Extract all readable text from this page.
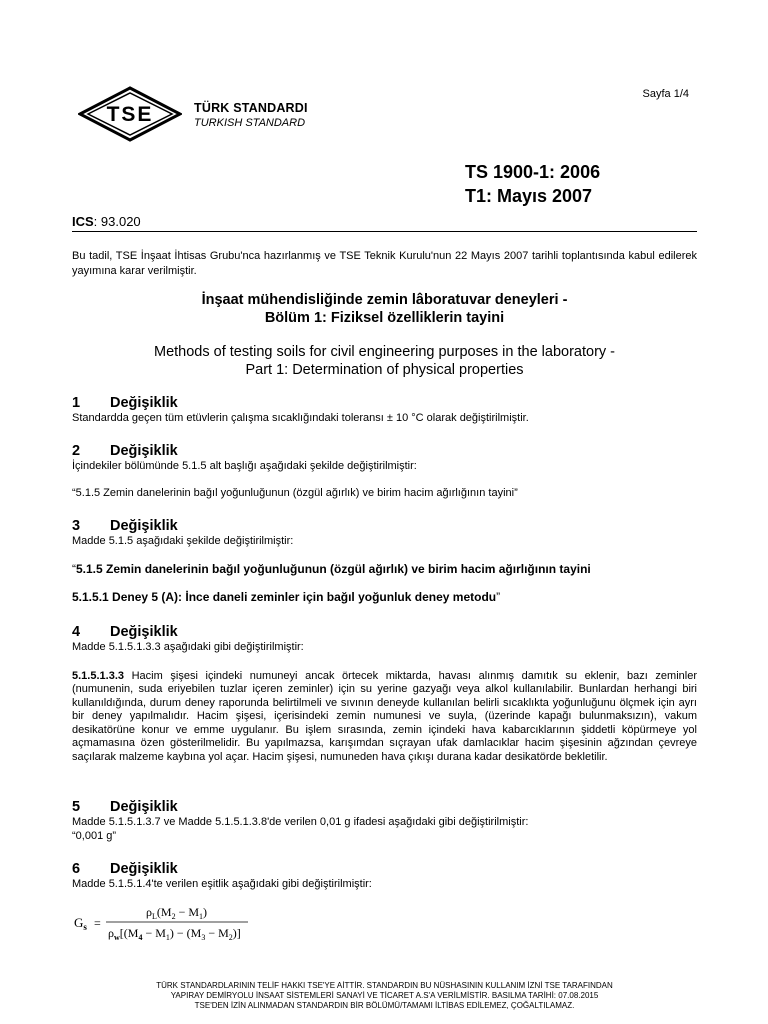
TSE	TÜRK STANDARDI
TURKISH STANDARD
Sayfa 1/4
TS 1900-1: 2006
T1: Mayıs 2007
ICS: 93.020
Bu tadil, TSE İnşaat İhtisas Grubu'nca hazırlanmış ve TSE Teknik Kurulu'nun 22 Mayıs 2007 tarihli toplantısında kabul edilerek yayımına karar verilmiştir.
İnşaat mühendisliğinde zemin lâboratuvar deneyleri -
Bölüm 1: Fiziksel özelliklerin tayini
Methods of testing soils for civil engineering purposes in the laboratory -
Part 1: Determination of physical properties
1 Değişiklik
Standardda geçen tüm etüvlerin çalışma sıcaklığındaki toleransı ± 10 °C olarak değiştirilmiştir.
2 Değişiklik
İçindekiler bölümünde 5.1.5 alt başlığı aşağıdaki şekilde değiştirilmiştir:
“5.1.5 Zemin danelerinin bağıl yoğunluğunun (özgül ağırlık) ve birim hacim ağırlığının tayini”
3 Değişiklik
Madde 5.1.5 aşağıdaki şekilde değiştirilmiştir:
“5.1.5 Zemin danelerinin bağıl yoğunluğunun (özgül ağırlık) ve birim hacim ağırlığının tayini
5.1.5.1 Deney 5 (A): İnce daneli zeminler için bağıl yoğunluk deney metodu”
4 Değişiklik
Madde 5.1.5.1.3.3 aşağıdaki gibi değiştirilmiştir:
5.1.5.1.3.3 Hacim şişesi içindeki numuneyi ancak örtecek miktarda, havası alınmış damıtık su eklenir, bazı zeminler (numunenin, suda eriyebilen tuzlar içeren zeminler) için su yerine gazyağı veya alkol kullanılabilir. Bunlardan herhangi biri kullanıldığında, durum deney raporunda belirtilmeli ve sıvının deneyde kullanılan belirli sıcaklıkta yoğunluğunu ölçmek için ayrı bir deney yapılmalıdır. Hacim şişesi, içerisindeki zemin numunesi ve suyla, (üzerinde kapağı bulunmaksızın), vakum desikatörüne konur ve emme uygulanır. Bu işlem sırasında, zemin içindeki hava kabarcıklarının şiddetli köpürmeye yol açmamasına özen gösterilmelidir. Bu yapılmazsa, karışımdan sıçrayan ufak damlacıklar hacim şişesinin ağzından çevreye saçılarak malzeme kaybına yol açar. Hacim şişesi, numuneden hava çıkışı durana kadar desikatörde bekletilir.
5 Değişiklik
Madde 5.1.5.1.3.7 ve Madde 5.1.5.1.3.8'de verilen 0,01 g ifadesi aşağıdaki gibi değiştirilmiştir:
“0,001 g”
6 Değişiklik
Madde 5.1.5.1.4'te verilen eşitlik aşağıdaki gibi değiştirilmiştir:
$G_s$ =
$\rho_L(M_2 - M_1)$
$\rho_w[(M_4 - M_1) - (M_3 - M_2)]$
TÜRK STANDARDLARININ TELİF HAKKI TSE'YE AİTTİR. STANDARDIN BU NÜSHASININ KULLANIM İZNİ TSE TARAFINDAN
YAPIRAY DEMİRYOLU İNSAAT SİSTEMLERİ SANAYİ VE TİCARET A.S'A VERİLMİSTİR. BASILMA TARİHİ: 07.08.2015
TSE'DEN İZİN ALINMADAN STANDARDIN BİR BÖLÜMÜ/TAMAMI İLTİBAS EDİLEMEZ, ÇOĞALTILAMAZ.
